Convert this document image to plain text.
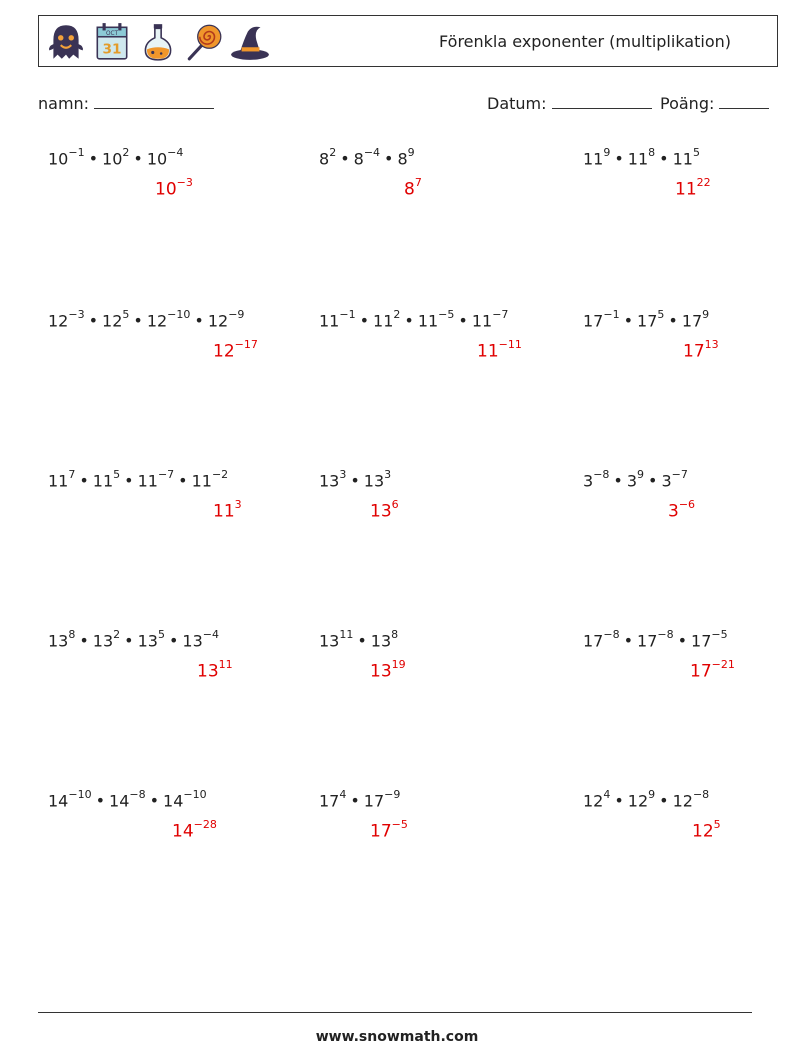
OCT
31	Förenkla exponenter (multiplikation)
namn:	Datum:	Poäng:
$10^{-1}$ • $10^2$ • $10^{-4}$
$10^{-3}$
$8^2$ • $8^{-4}$ • $8^9$
$8^7$
$11^9$ • $11^8$ • $11^5$
$11^{22}$
$12^{-3}$ • $12^5$ • $12^{-10}$ • $12^{-9}$
$12^{-17}$
$11^{-1}$ • $11^2$ • $11^{-5}$ • $11^{-7}$
$11^{-11}$
$17^{-1}$ • $17^5$ • $17^9$
$17^{13}$
$11^7$ • $11^5$ • $11^{-7}$ • $11^{-2}$
$11^3$
$13^3$ • $13^3$
$13^6$
$3^{-8}$ • $3^9$ • $3^{-7}$
$3^{-6}$
$13^8$ • $13^2$ • $13^5$ • $13^{-4}$
$13^{11}$
$13^{11}$ • $13^8$
$13^{19}$
$17^{-8}$ • $17^{-8}$ • $17^{-5}$
$17^{-21}$
$14^{-10}$ • $14^{-8}$ • $14^{-10}$
$14^{-28}$
$17^4$ • $17^{-9}$
$17^{-5}$
$12^4$ • $12^9$ • $12^{-8}$
$12^5$
www.snowmath.com
